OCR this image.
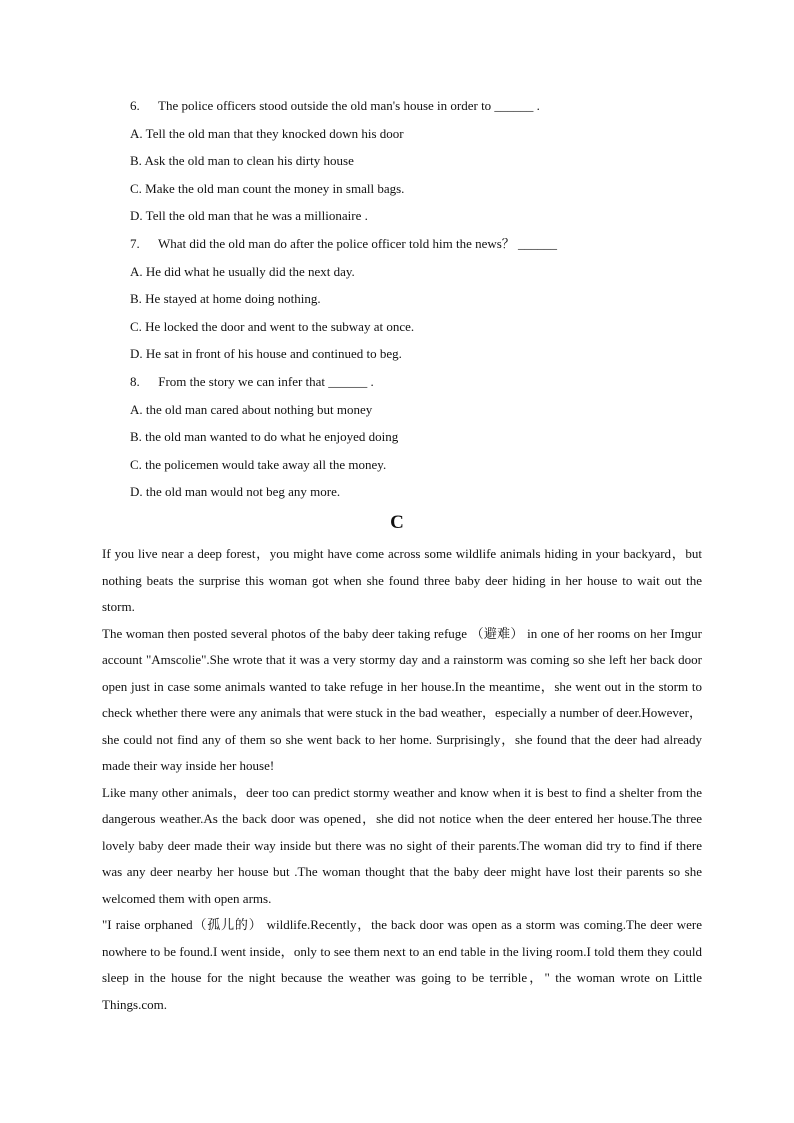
6. The police officers stood outside the old man's house in order to ______ .
A. Tell the old man that they knocked down his door
B. Ask the old man to clean his dirty house
C. Make the old man count the money in small bags.
D. Tell the old man that he was a millionaire .
7. What did the old man do after the police officer told him the news？ ______
A. He did what he usually did the next day.
B. He stayed at home doing nothing.
C. He locked the door and went to the subway at once.
D. He sat in front of his house and continued to beg.
8. From the story we can infer that ______ .
A. the old man cared about nothing but money
B. the old man wanted to do what he enjoyed doing
C. the policemen would take away all the money.
D. the old man would not beg any more.
C

If you live near a deep forest，you might have come across some wildlife animals hiding in your backyard，but nothing beats the surprise this woman got when she found three baby deer hiding in her house to wait out the storm.

The woman then posted several photos of the baby deer taking refuge （避难） in one of her rooms on her Imgur account "Amscolie".She wrote that it was a very stormy day and a rainstorm was coming so she left her back door open just in case some animals wanted to take refuge in her house.In the meantime，she went out in the storm to check whether there were any animals that were stuck in the bad weather，especially a number of deer.However，she could not find any of them so she went back to her home. Surprisingly，she found that the deer had already made their way inside her house!

Like many other animals，deer too can predict stormy weather and know when it is best to find a shelter from the dangerous weather.As the back door was opened，she did not notice when the deer entered her house.The three lovely baby deer made their way inside but there was no sight of their parents.The woman did try to find if there was any deer nearby her house but .The woman thought that the baby deer might have lost their parents so she welcomed them with open arms.

"I raise orphaned（孤儿的） wildlife.Recently，the back door was open as a storm was coming.The deer were nowhere to be found.I went inside，only to see them next to an end table in the living room.I told them they could sleep in the house for the night because the weather was going to be terrible，" the woman wrote on Little Things.com.
